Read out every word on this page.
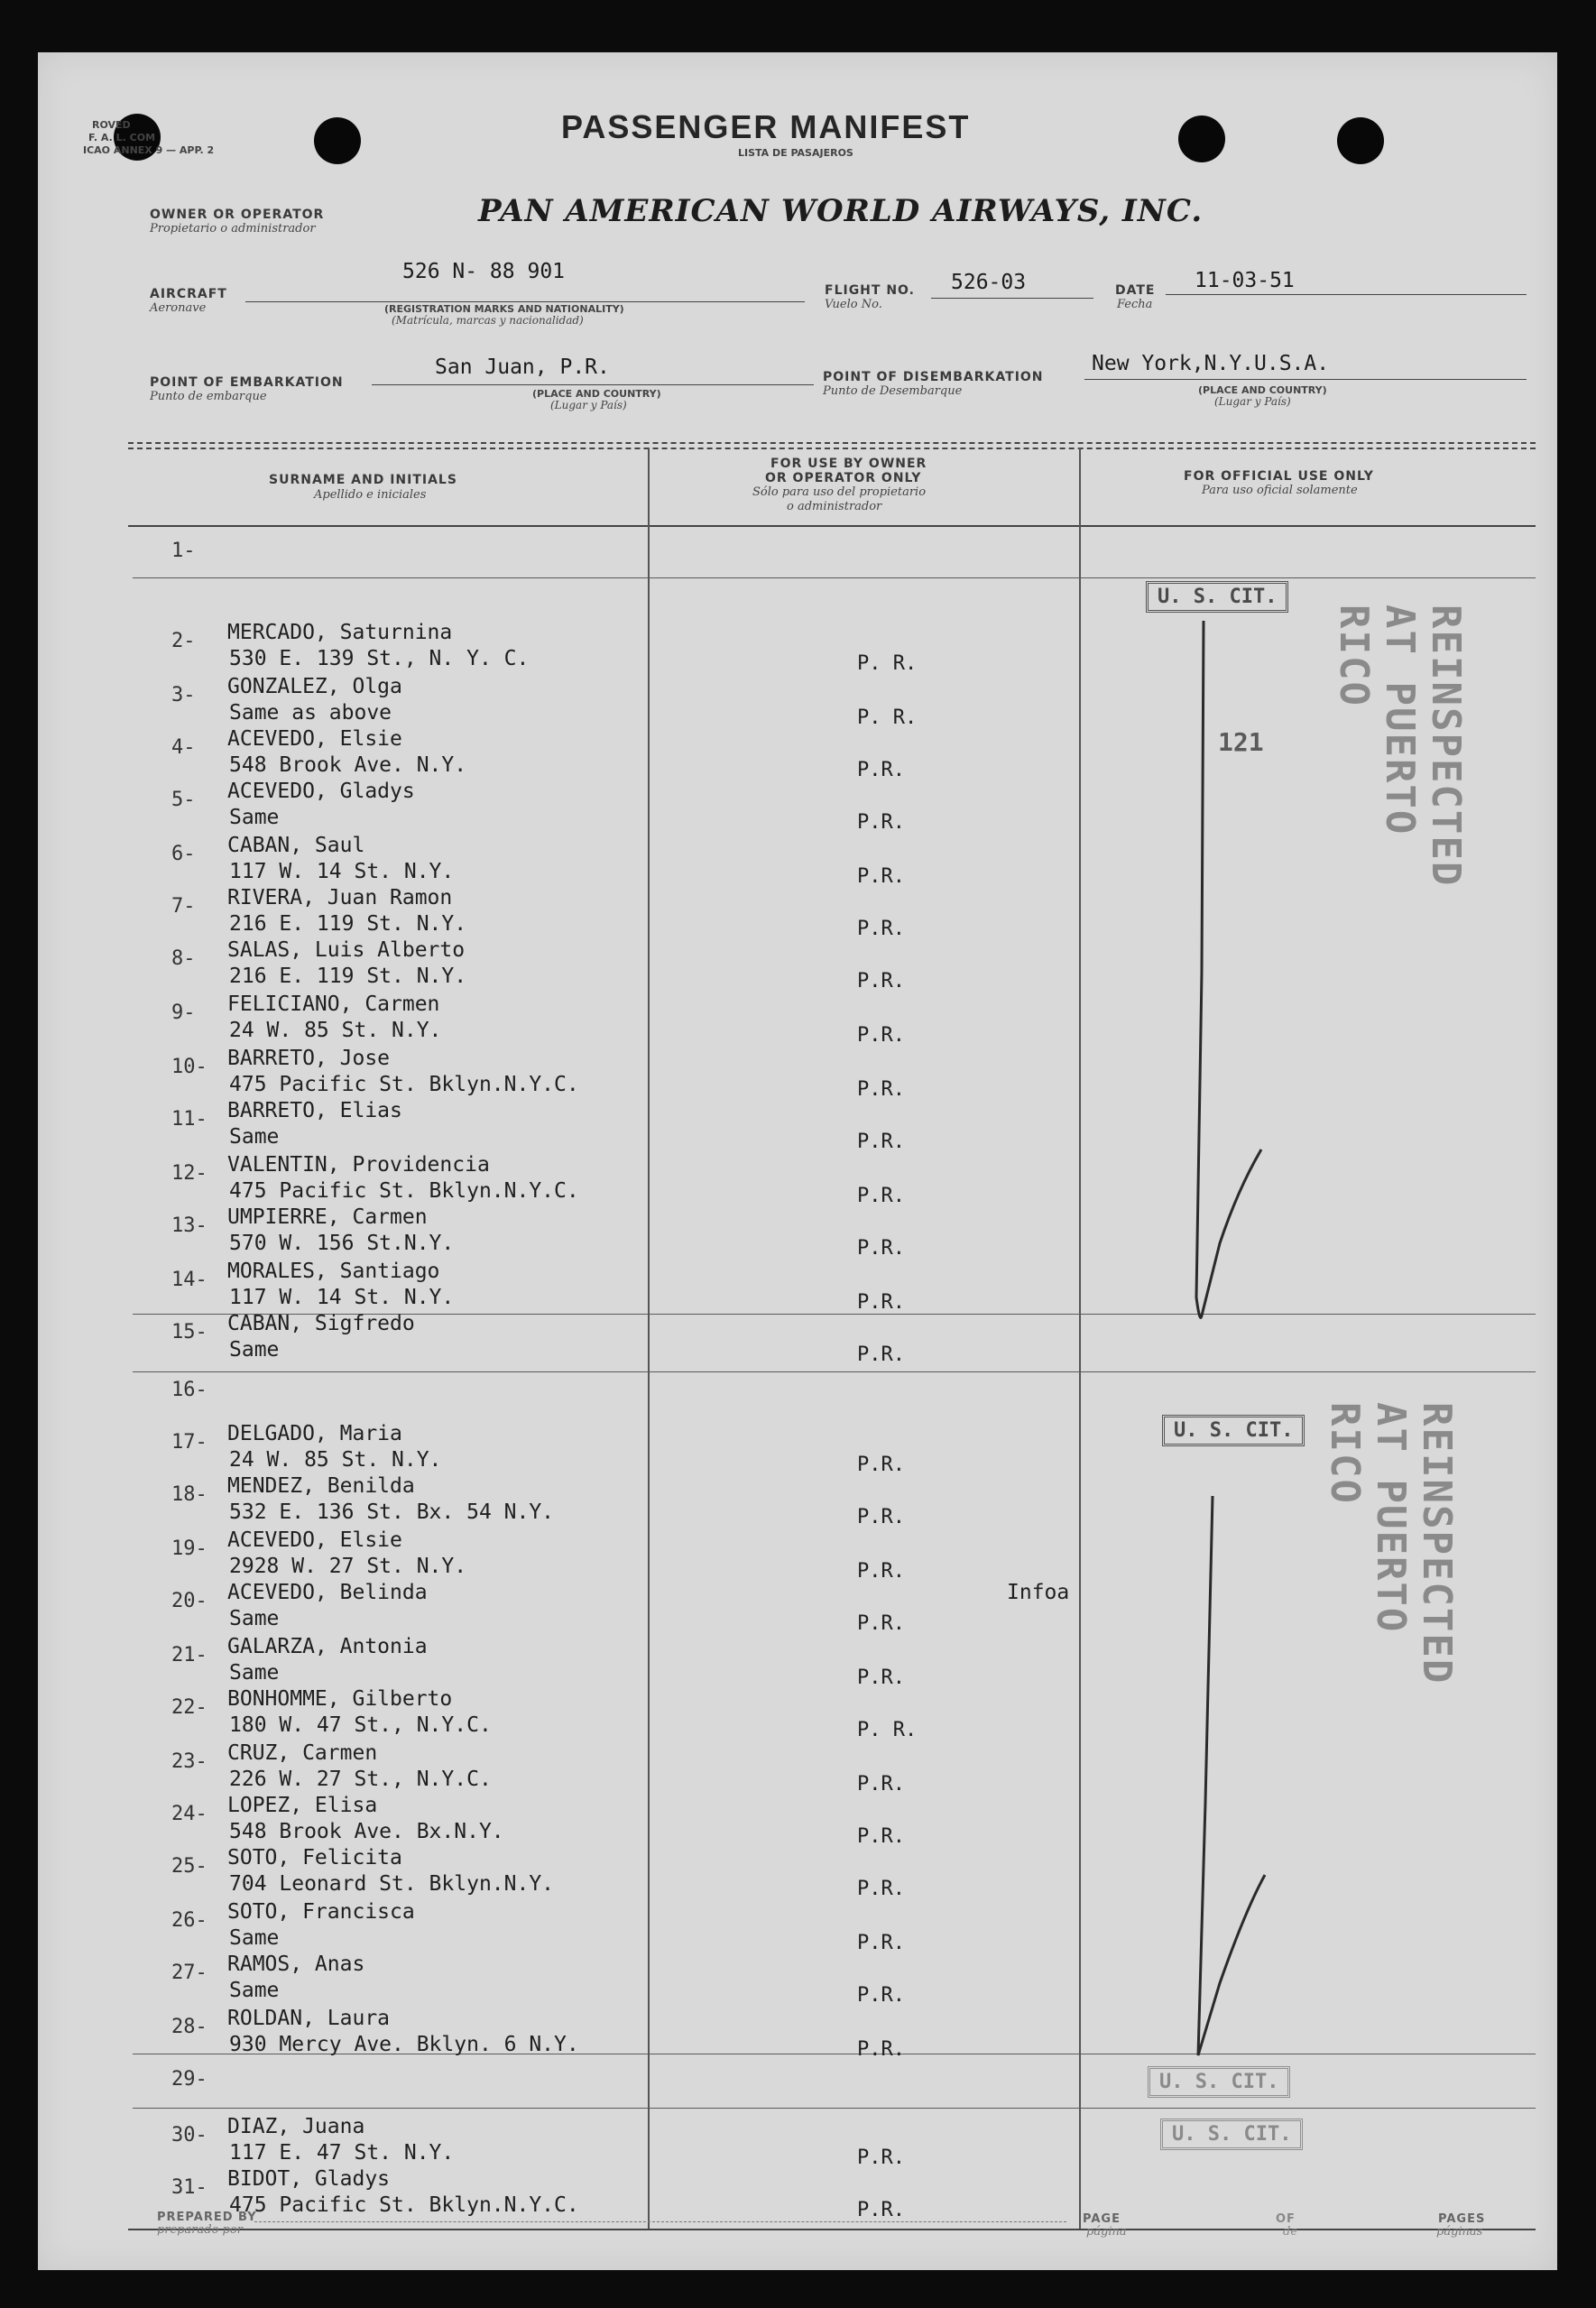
ROVED
F. A. L. COM
ICAO ANNEX 9 — APP. 2
PASSENGER MANIFEST
LISTA DE PASAJEROS
OWNER OR OPERATOR
Propietario o administrador	PAN AMERICAN WORLD AIRWAYS, INC.
AIRCRAFT
Aeronave
526 N- 88 901
(REGISTRATION MARKS AND NATIONALITY)
(Matrícula, marcas y nacionalidad)
FLIGHT NO.
Vuelo No.
526-03	DATE
Fecha
11-03-51
POINT OF EMBARKATION
Punto de embarque
San Juan, P.R.
(PLACE AND COUNTRY)
(Lugar y País)
POINT OF DISEMBARKATION
Punto de Desembarque
New York,N.Y.U.S.A.
(PLACE AND COUNTRY)
(Lugar y País)
SURNAME AND INITIALS
Apellido e iniciales
FOR USE BY OWNER
OR OPERATOR ONLY
Sólo para uso del propietario
o administrador
FOR OFFICIAL USE ONLY
Para uso oficial solamente
1-
2- MERCADO, Saturnina
530 E. 139 St., N. Y. C.	P. R.
3- GONZALEZ, Olga
Same as above	P. R.
4- ACEVEDO, Elsie
548 Brook Ave. N.Y.	P.R.
5- ACEVEDO, Gladys
Same	P.R.
6- CABAN, Saul
117 W. 14 St. N.Y.	P.R.
7- RIVERA, Juan Ramon
216 E. 119 St. N.Y.	P.R.
8- SALAS, Luis Alberto
216 E. 119 St. N.Y.	P.R.
9- FELICIANO, Carmen
24 W. 85 St. N.Y.	P.R.
10- BARRETO, Jose
475 Pacific St. Bklyn.N.Y.C.	P.R.
11- BARRETO, Elias
Same	P.R.
12- VALENTIN, Providencia
475 Pacific St. Bklyn.N.Y.C.	P.R.
13- UMPIERRE, Carmen
570 W. 156 St.N.Y.	P.R.
14- MORALES, Santiago
117 W. 14 St. N.Y.	P.R.
15- CABAN, Sigfredo
Same	P.R.
16-
17- DELGADO, Maria
24 W. 85 St. N.Y.	P.R.
18- MENDEZ, Benilda
532 E. 136 St. Bx. 54 N.Y.	P.R.
19- ACEVEDO, Elsie
2928 W. 27 St. N.Y.	P.R.
20- ACEVEDO, Belinda
Same	P.R.
Infoa
21- GALARZA, Antonia
Same	P.R.
22- BONHOMME, Gilberto
180 W. 47 St., N.Y.C.	P. R.
23- CRUZ, Carmen
226 W. 27 St., N.Y.C.	P.R.
24- LOPEZ, Elisa
548 Brook Ave. Bx.N.Y.	P.R.
25- SOTO, Felicita
704 Leonard St. Bklyn.N.Y.	P.R.
26- SOTO, Francisca
Same	P.R.
27- RAMOS, Anas
Same	P.R.
28- ROLDAN, Laura
930 Mercy Ave. Bklyn. 6 N.Y.	P.R.
29-
30- DIAZ, Juana
117 E. 47 St. N.Y.	P.R.
31- BIDOT, Gladys
475 Pacific St. Bklyn.N.Y.C.	P.R.
U. S. CIT.
U. S. CIT.
U. S. CIT.
U. S. CIT.
121	REINSPECTED AT PUERTO RICO
REINSPECTED AT PUERTO RICO
PREPARED BY
preparado por
PAGE
página
OF
de
PAGES
páginas
